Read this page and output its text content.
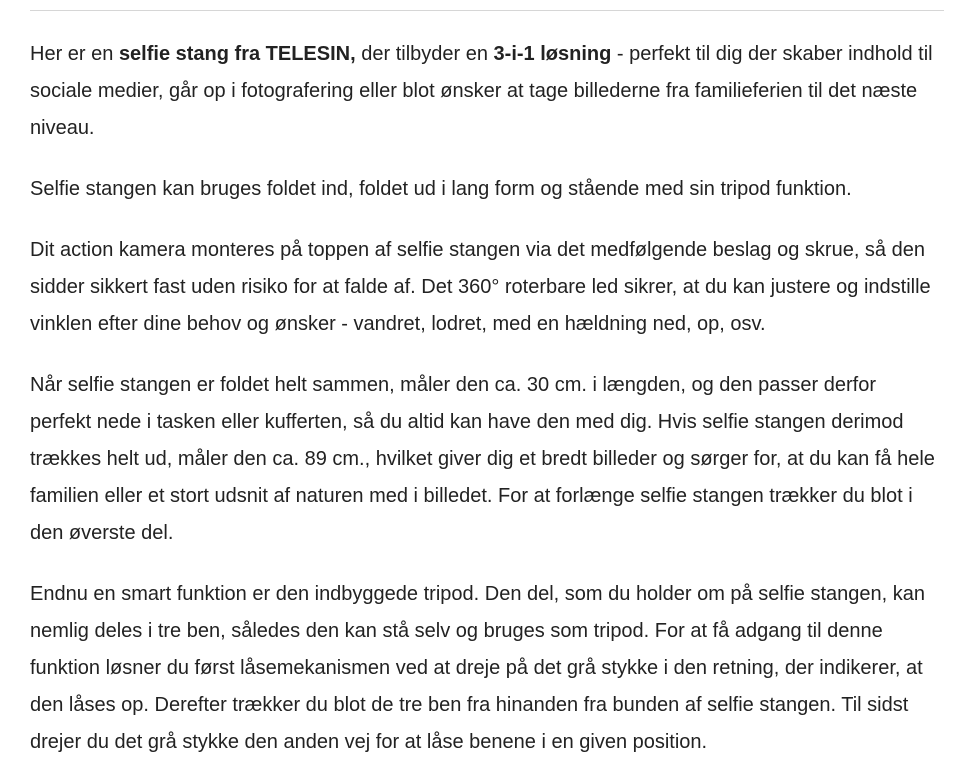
Her er en selfie stang fra TELESIN, der tilbyder en 3-i-1 løsning - perfekt til dig der skaber indhold til sociale medier, går op i fotografering eller blot ønsker at tage billederne fra familieferien til det næste niveau.

Selfie stangen kan bruges foldet ind, foldet ud i lang form og stående med sin tripod funktion.

Dit action kamera monteres på toppen af selfie stangen via det medfølgende beslag og skrue, så den sidder sikkert fast uden risiko for at falde af. Det 360° roterbare led sikrer, at du kan justere og indstille vinklen efter dine behov og ønsker - vandret, lodret, med en hældning ned, op, osv.

Når selfie stangen er foldet helt sammen, måler den ca. 30 cm. i længden, og den passer derfor perfekt nede i tasken eller kufferten, så du altid kan have den med dig. Hvis selfie stangen derimod trækkes helt ud, måler den ca. 89 cm., hvilket giver dig et bredt billeder og sørger for, at du kan få hele familien eller et stort udsnit af naturen med i billedet. For at forlænge selfie stangen trækker du blot i den øverste del.

Endnu en smart funktion er den indbyggede tripod. Den del, som du holder om på selfie stangen, kan nemlig deles i tre ben, således den kan stå selv og bruges som tripod. For at få adgang til denne funktion løsner du først låsemekanismen ved at dreje på det grå stykke i den retning, der indikerer, at den låses op. Derefter trækker du blot de tre ben fra hinanden fra bunden af selfie stangen. Til sidst drejer du det grå stykke den anden vej for at låse benene i en given position.
